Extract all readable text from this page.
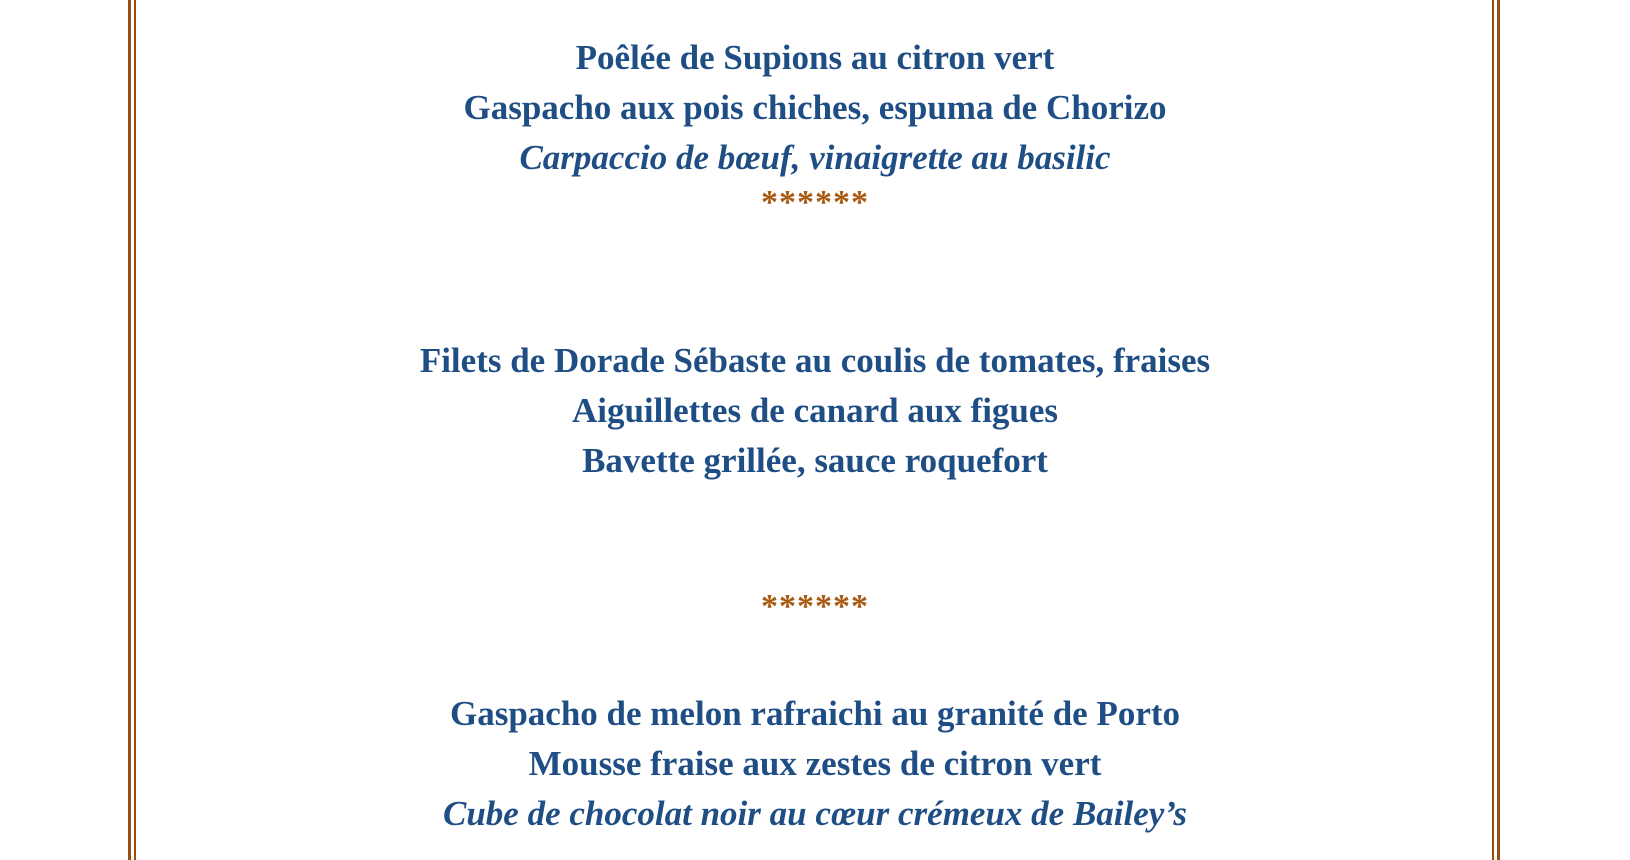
Poêlée de Supions au citron vert
Gaspacho aux pois chiches, espuma de Chorizo
Carpaccio de bœuf, vinaigrette au basilic
******
Filets de Dorade Sébaste au coulis de tomates, fraises
Aiguillettes de canard aux figues
Bavette grillée, sauce roquefort
******
Gaspacho de melon rafraichi au granité de Porto
Mousse fraise aux zestes de citron vert
Cube de chocolat noir au cœur crémeux de Bailey’s
